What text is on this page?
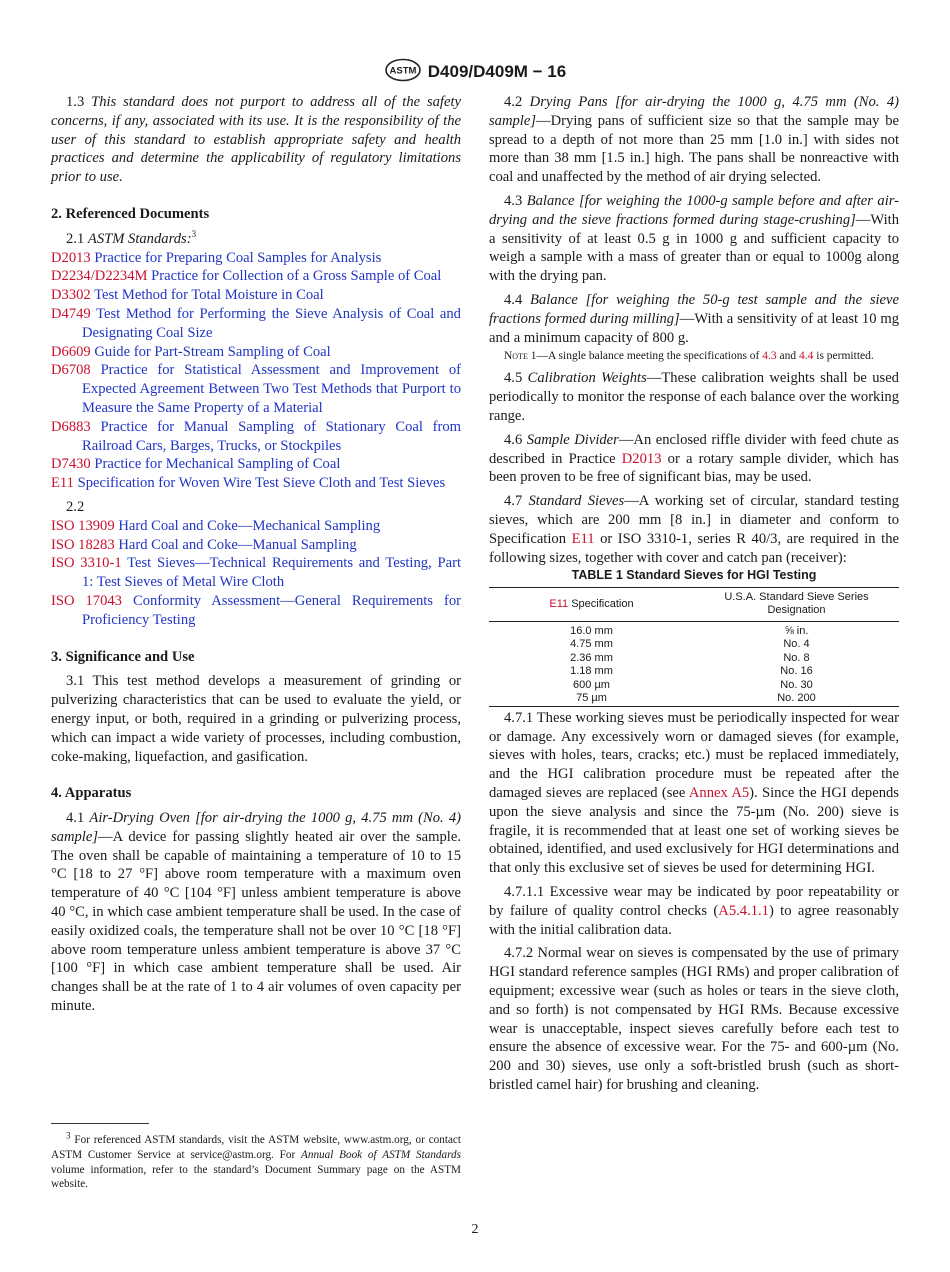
ASTM D409/D409M − 16

1.3 This standard does not purport to address all of the safety concerns, if any, associated with its use. It is the responsibility of the user of this standard to establish appropriate safety and health practices and determine the applicability of regulatory limitations prior to use.

2. Referenced Documents

2.1 ASTM Standards:$^3$

D2013 Practice for Preparing Coal Samples for Analysis

D2234/D2234M Practice for Collection of a Gross Sample of Coal

D3302 Test Method for Total Moisture in Coal

D4749 Test Method for Performing the Sieve Analysis of Coal and Designating Coal Size

D6609 Guide for Part-Stream Sampling of Coal

D6708 Practice for Statistical Assessment and Improvement of Expected Agreement Between Two Test Methods that Purport to Measure the Same Property of a Material

D6883 Practice for Manual Sampling of Stationary Coal from Railroad Cars, Barges, Trucks, or Stockpiles

D7430 Practice for Mechanical Sampling of Coal

E11 Specification for Woven Wire Test Sieve Cloth and Test Sieves

2.2

ISO 13909 Hard Coal and Coke—Mechanical Sampling

ISO 18283 Hard Coal and Coke—Manual Sampling

ISO 3310-1 Test Sieves—Technical Requirements and Testing, Part 1: Test Sieves of Metal Wire Cloth

ISO 17043 Conformity Assessment—General Requirements for Proficiency Testing

3. Significance and Use

3.1 This test method develops a measurement of grinding or pulverizing characteristics that can be used to evaluate the yield, or energy input, or both, required in a grinding or pulverizing process, which can impact a wide variety of processes, including combustion, coke-making, liquefaction, and gasification.

4. Apparatus

4.1 Air-Drying Oven [for air-drying the 1000 g, 4.75 mm (No. 4) sample]—A device for passing slightly heated air over the sample. The oven shall be capable of maintaining a temperature of 10 to 15 °C [18 to 27 °F] above room temperature with a maximum oven temperature of 40 °C [104 °F] unless ambient temperature is above 40 °C, in which case ambient temperature shall be used. In the case of easily oxidized coals, the temperature shall not be over 10 °C [18 °F] above room temperature unless ambient temperature is above 37 °C [100 °F] in which case ambient temperature shall be used. Air changes shall be at the rate of 1 to 4 air volumes of oven capacity per minute.

$^3$ For referenced ASTM standards, visit the ASTM website, www.astm.org, or contact ASTM Customer Service at service@astm.org. For Annual Book of ASTM Standards volume information, refer to the standard’s Document Summary page on the ASTM website.

4.2 Drying Pans [for air-drying the 1000 g, 4.75 mm (No. 4) sample]—Drying pans of sufficient size so that the sample may be spread to a depth of not more than 25 mm [1.0 in.] with sides not more than 38 mm [1.5 in.] high. The pans shall be nonreactive with coal and unaffected by the method of air drying selected.

4.3 Balance [for weighing the 1000-g sample before and after air-drying and the sieve fractions formed during stage-crushing]—With a sensitivity of at least 0.5 g in 1000 g and sufficient capacity to weigh a sample with a mass of greater than or equal to 1000g along with the drying pan.

4.4 Balance [for weighing the 50-g test sample and the sieve fractions formed during milling]—With a sensitivity of at least 10 mg and a minimum capacity of 800 g.

Note 1—A single balance meeting the specifications of 4.3 and 4.4 is permitted.

4.5 Calibration Weights—These calibration weights shall be used periodically to monitor the response of each balance over the working range.

4.6 Sample Divider—An enclosed riffle divider with feed chute as described in Practice D2013 or a rotary sample divider, which has been proven to be free of significant bias, may be used.

4.7 Standard Sieves—A working set of circular, standard testing sieves, which are 200 mm [8 in.] in diameter and conform to Specification E11 or ISO 3310-1, series R 40/3, are required in the following sizes, together with cover and catch pan (receiver):

TABLE 1 Standard Sieves for HGI Testing
E11 Specification	U.S.A. Standard Sieve Series Designation
16.0 mm	⅝ in.
4.75 mm	No. 4
2.36 mm	No. 8
1.18 mm	No. 16
600 µm	No. 30
75 µm	No. 200

4.7.1 These working sieves must be periodically inspected for wear or damage. Any excessively worn or damaged sieves (for example, sieves with holes, tears, cracks; etc.) must be replaced immediately, and the HGI calibration procedure must be repeated after the damaged sieves are replaced (see Annex A5). Since the HGI depends upon the sieve analysis and since the 75-µm (No. 200) sieve is fragile, it is recommended that at least one set of working sieves be obtained, identified, and used exclusively for HGI determinations and that only this exclusive set of sieves be used for determining HGI.

4.7.1.1 Excessive wear may be indicated by poor repeatability or by failure of quality control checks (A5.4.1.1) to agree reasonably with the initial calibration data.

4.7.2 Normal wear on sieves is compensated by the use of primary HGI standard reference samples (HGI RMs) and proper calibration of equipment; excessive wear (such as holes or tears in the sieve cloth, and so forth) is not compensated by HGI RMs. Because excessive wear is unacceptable, inspect sieves carefully before each test to ensure the absence of excessive wear. For the 75- and 600-µm (No. 200 and 30) sieves, use only a soft-bristled brush (such as short-bristled camel hair) for brushing and cleaning.

2
